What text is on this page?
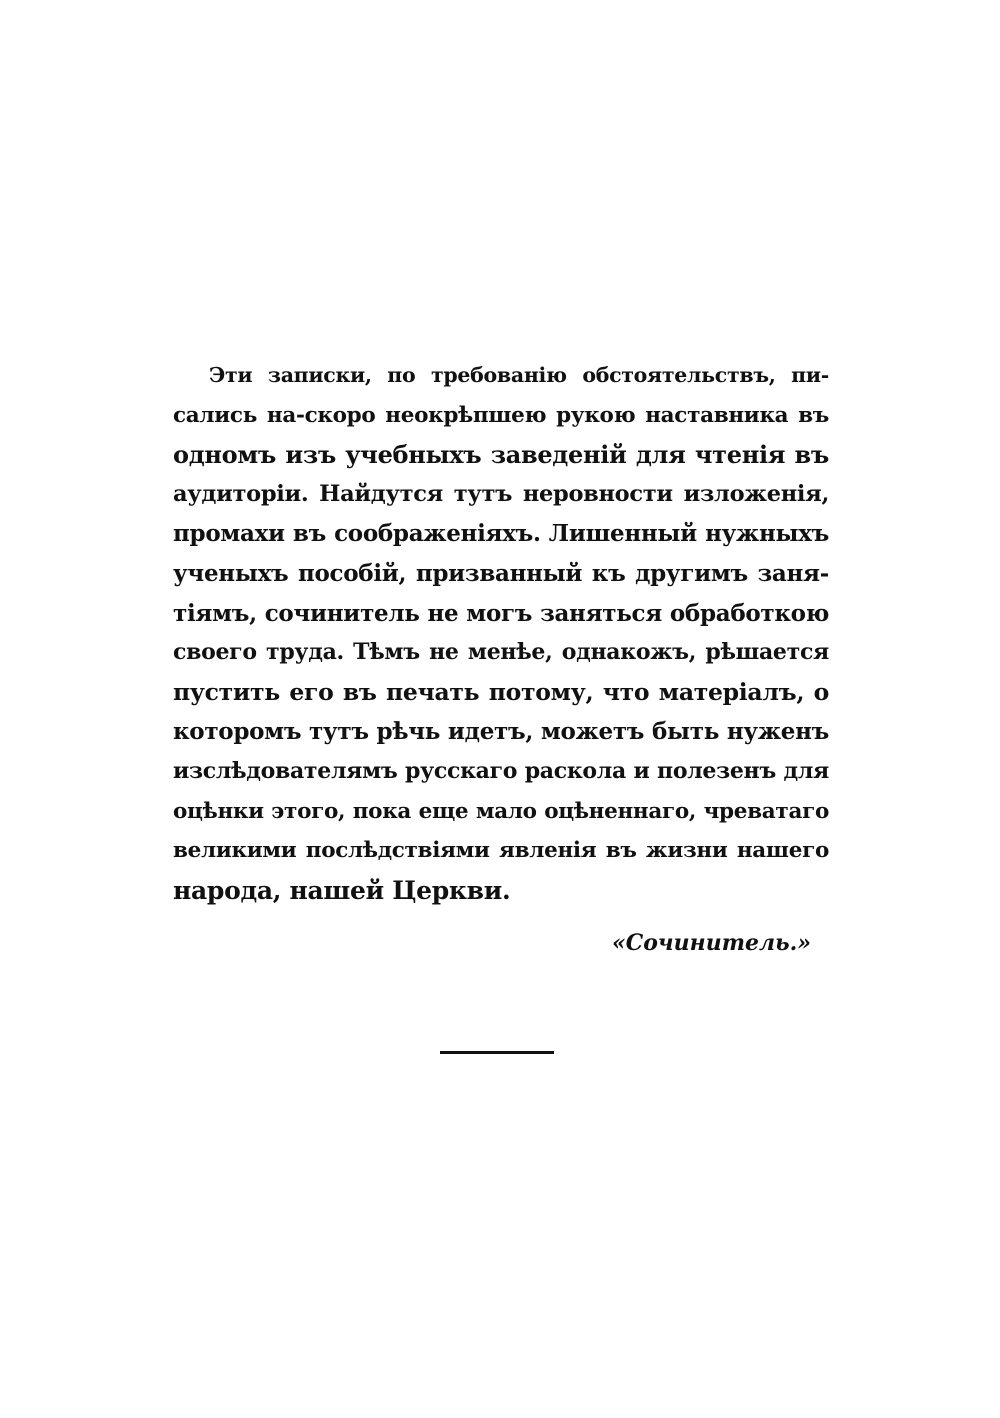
Эти записки, по требованію обстоятельствъ, пи-
сались на-скоро неокрѣпшею рукою наставника въ
одномъ изъ учебныхъ заведеній для чтенія въ
аудиторіи. Найдутся тутъ неровности изложенія,
промахи въ соображеніяхъ. Лишенный нужныхъ
ученыхъ пособій, призванный къ другимъ заня-
тіямъ, сочинитель не могъ заняться обработкою
своего труда. Тѣмъ не менѣе, однакожъ, рѣшается
пустить его въ печать потому, что матеріалъ, о
которомъ тутъ рѣчь идетъ, можетъ быть нуженъ
изслѣдователямъ русскаго раскола и полезенъ для
оцѣнки этого, пока еще мало оцѣненнаго, чреватаго
великими послѣдствіями явленія въ жизни нашего
народа, нашей Церкви.
«Сочинитель.»
